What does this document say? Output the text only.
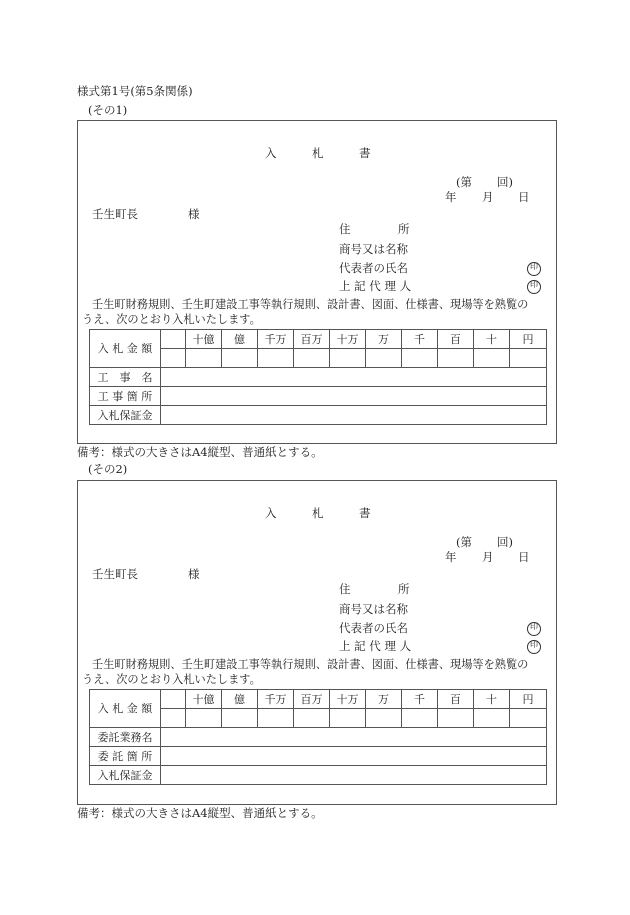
様式第1号(第5条関係)
(その1)
入	札	書
(第 回)
年 月 日
壬生町長	様
住	所
商号又は名称
代表者の氏名	印
上 記 代 理 人	印
壬生町財務規則、壬生町建設工事等執行規則、設計書、図面、仕様書、現場等を熟覧の
うえ、次のとおり入札いたします。
入 札 金 額		十億	億	千万	百万	十万	万	千	百	十	円

工　事　名											
工 事 箇 所											
入札保証金											
備考：様式の大きさはA4縦型、普通紙とする。
(その2)
入	札	書
(第 回)
年 月 日
壬生町長	様
住	所
商号又は名称
代表者の氏名	印
上 記 代 理 人	印
壬生町財務規則、壬生町建設工事等執行規則、設計書、図面、仕様書、現場等を熟覧の
うえ、次のとおり入札いたします。
入 札 金 額		十億	億	千万	百万	十万	万	千	百	十	円

委託業務名											
委 託 箇 所											
入札保証金											
備考：様式の大きさはA4縦型、普通紙とする。
